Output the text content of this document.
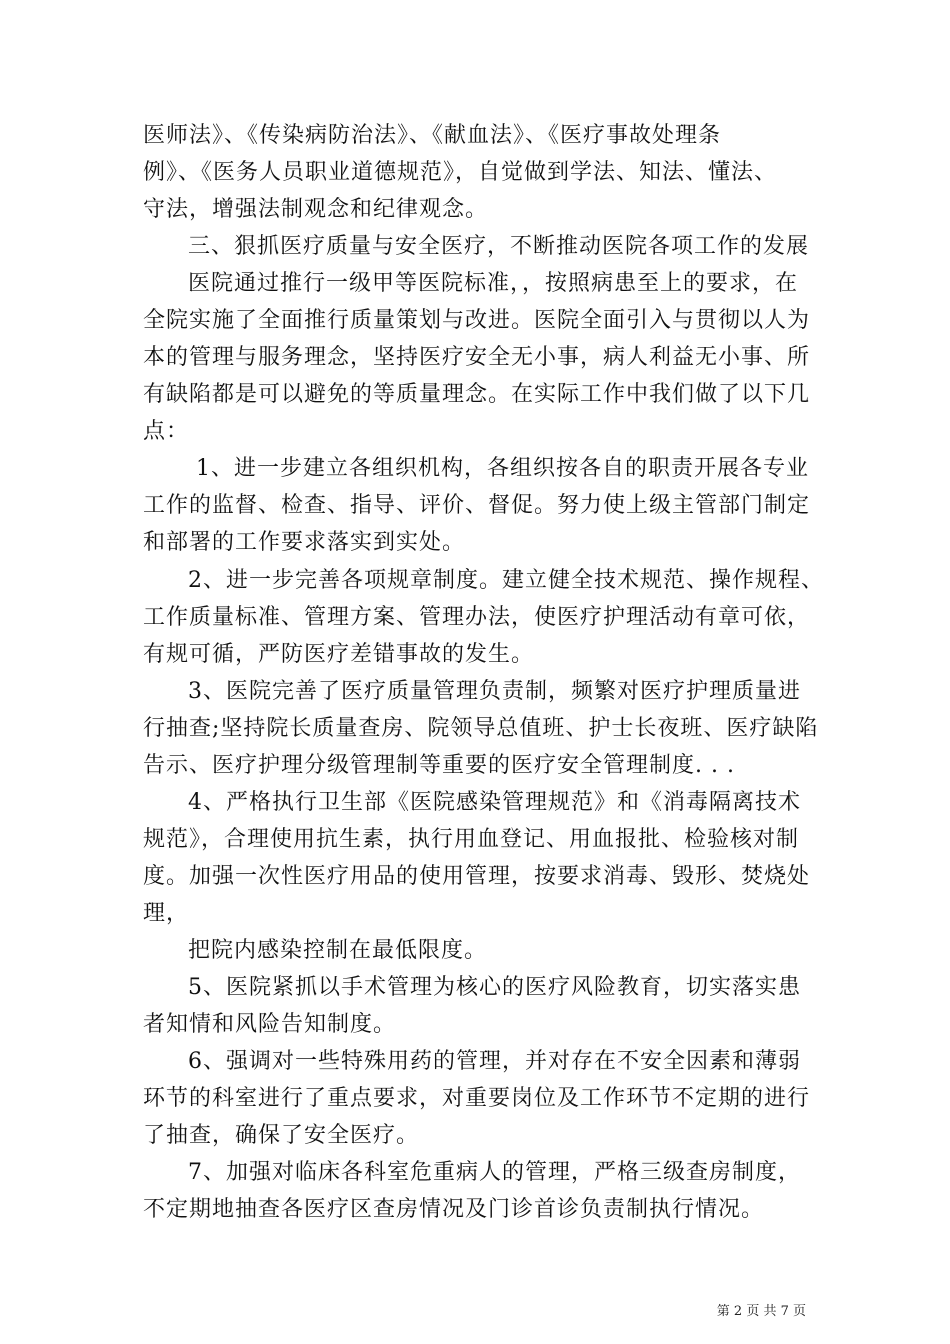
医师法》、《传染病防治法》、《献血法》、《医疗事故处理条
例》、《医务人员职业道德规范》，自觉做到学法、知法、懂法、
守法，增强法制观念和纪律观念。
三、狠抓医疗质量与安全医疗，不断推动医院各项工作的发展
医院通过推行一级甲等医院标准，，按照病患至上的要求，在
全院实施了全面推行质量策划与改进。医院全面引入与贯彻以人为
本的管理与服务理念，坚持医疗安全无小事，病人利益无小事、所
有缺陷都是可以避免的等质量理念。在实际工作中我们做了以下几
点：
1、进一步建立各组织机构，各组织按各自的职责开展各专业
工作的监督、检查、指导、评价、督促。努力使上级主管部门制定
和部署的工作要求落实到实处。
2、进一步完善各项规章制度。建立健全技术规范、操作规程、
工作质量标准、管理方案、管理办法，使医疗护理活动有章可依，
有规可循，严防医疗差错事故的发生。
3、医院完善了医疗质量管理负责制，频繁对医疗护理质量进
行抽查;坚持院长质量查房、院领导总值班、护士长夜班、医疗缺陷
告示、医疗护理分级管理制等重要的医疗安全管理制度. . .
4、严格执行卫生部《医院感染管理规范》和《消毒隔离技术
规范》，合理使用抗生素，执行用血登记、用血报批、检验核对制
度。加强一次性医疗用品的使用管理，按要求消毒、毁形、焚烧处
理，
把院内感染控制在最低限度。
5、医院紧抓以手术管理为核心的医疗风险教育，切实落实患
者知情和风险告知制度。
6、强调对一些特殊用药的管理，并对存在不安全因素和薄弱
环节的科室进行了重点要求，对重要岗位及工作环节不定期的进行
了抽查，确保了安全医疗。
7、加强对临床各科室危重病人的管理，严格三级查房制度，
不定期地抽查各医疗区查房情况及门诊首诊负责制执行情况。
第 2 页 共 7 页
